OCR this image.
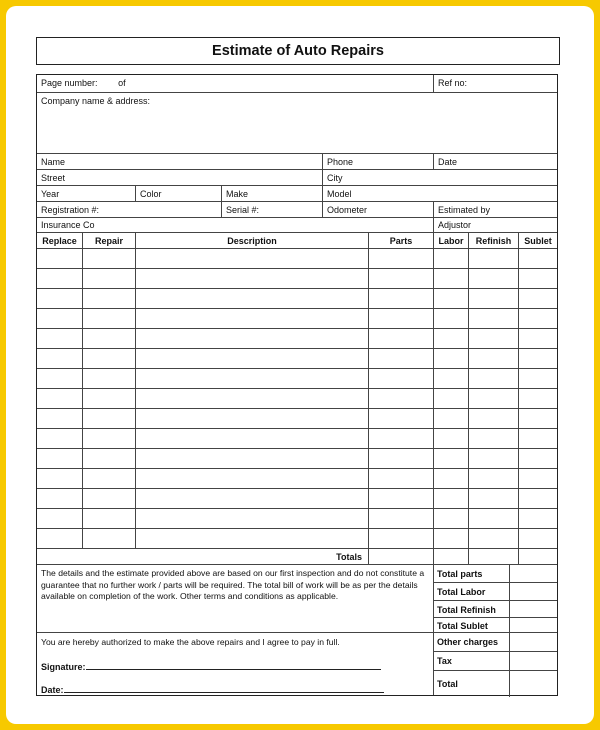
Estimate of Auto Repairs
Page number: of	Ref no:
Company name & address:
Name	Phone	Date
Street	City
Year	Color	Make	Model
Registration #:	Serial #:	Odometer	Estimated by
Insurance Co	Adjustor
Replace	Repair	Description	Parts	Labor	Refinish	Sublet
Totals
The details and the estimate provided above are based on our first inspection and do not constitute a guarantee that no further work / parts will be required. The total bill of work will be as per the details available on completion of the work. Other terms and conditions as applicable.
You are hereby authorized to make the above repairs and I agree to pay in full.
Signature:
Date:
Total parts
Total Labor
Total Refinish
Total Sublet
Other charges
Tax
Total
